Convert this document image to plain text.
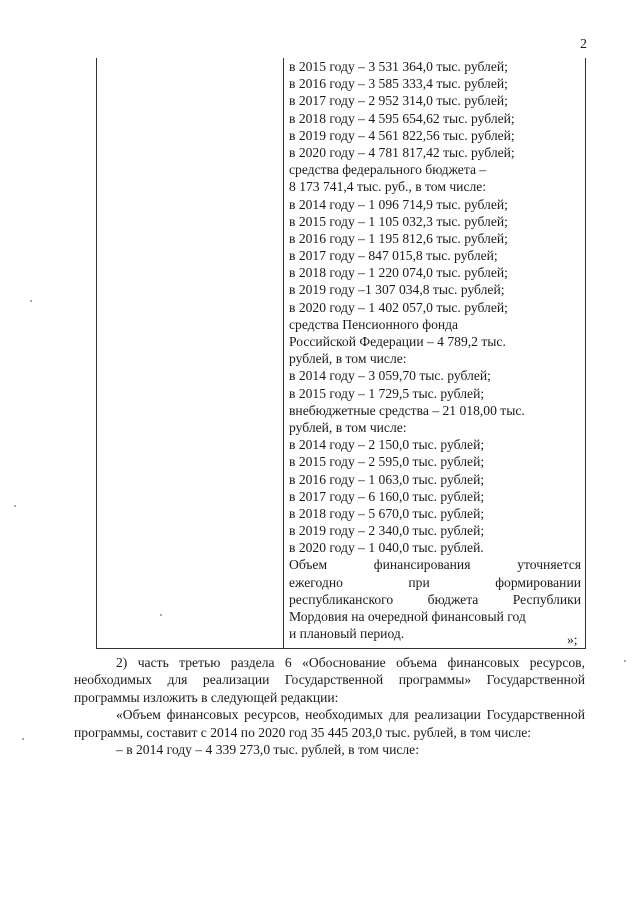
2
в 2015 году – 3 531 364,0 тыс. рублей;
в 2016 году – 3 585 333,4 тыс. рублей;
в 2017 году – 2 952 314,0 тыс. рублей;
в 2018 году – 4 595 654,62 тыс. рублей;
в 2019 году – 4 561 822,56 тыс. рублей;
в 2020 году – 4 781 817,42 тыс. рублей;
средства федерального бюджета –
8 173 741,4 тыс. руб., в том числе:
в 2014 году – 1 096 714,9 тыс. рублей;
в 2015 году – 1 105 032,3 тыс. рублей;
в 2016 году – 1 195 812,6 тыс. рублей;
в 2017 году – 847 015,8 тыс. рублей;
в 2018 году – 1 220 074,0 тыс. рублей;
в 2019 году –1 307 034,8 тыс. рублей;
в 2020 году – 1 402 057,0 тыс. рублей;
средства Пенсионного фонда
Российской Федерации – 4 789,2 тыс.
рублей, в том числе:
в 2014 году – 3 059,70 тыс. рублей;
в 2015 году – 1 729,5 тыс. рублей;
внебюджетные средства – 21 018,00 тыс.
рублей, в том числе:
в 2014 году – 2 150,0 тыс. рублей;
в 2015 году – 2 595,0 тыс. рублей;
в 2016 году – 1 063,0 тыс. рублей;
в 2017 году – 6 160,0 тыс. рублей;
в 2018 году – 5 670,0 тыс. рублей;
в 2019 году – 2 340,0 тыс. рублей;
в 2020 году – 1 040,0 тыс. рублей.
Объем финансирования уточняется
ежегодно при формировании
республиканского бюджета Республики
Мордовия на очередной финансовый год
и плановый период.	»;
2) часть третью раздела 6 «Обоснование объема финансовых ресурсов, необходимых для реализации Государственной программы» Государственной программы изложить в следующей редакции:
«Объем финансовых ресурсов, необходимых для реализации Государственной программы, составит с 2014 по 2020 год 35 445 203,0 тыс. рублей, в том числе:
– в 2014 году – 4 339 273,0 тыс. рублей, в том числе:
